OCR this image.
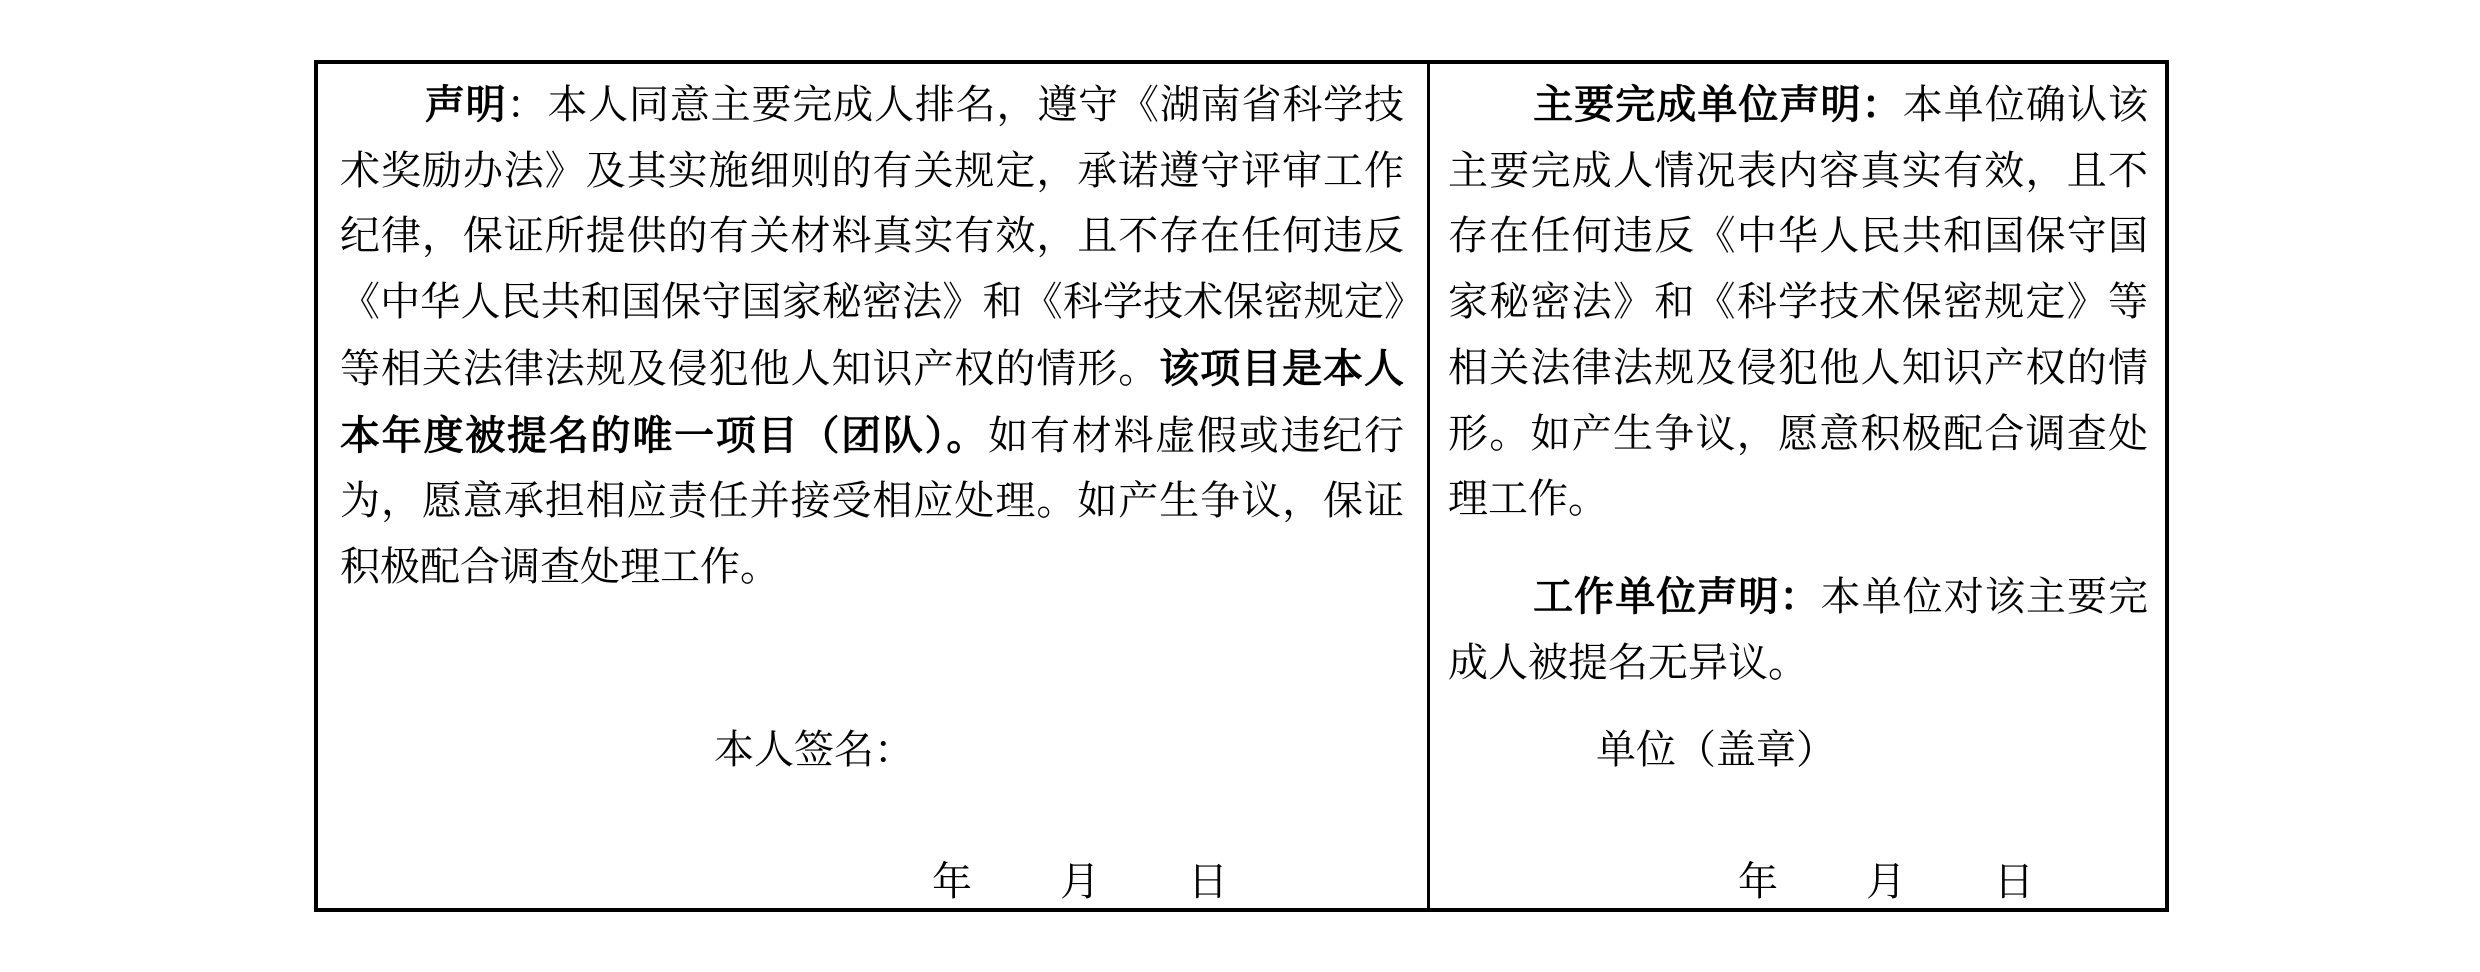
声明：本人同意主要完成人排名，遵守《湖南省科学技术奖励办法》及其实施细则的有关规定，承诺遵守评审工作纪律，保证所提供的有关材料真实有效，且不存在任何违反《中华人民共和国保守国家秘密法》和《科学技术保密规定》等相关法律法规及侵犯他人知识产权的情形。该项目是本人本年度被提名的唯一项目（团队）。如有材料虚假或违纪行为，愿意承担相应责任并接受相应处理。如产生争议，保证积极配合调查处理工作。

本人签名：
年 月 日

主要完成单位声明：本单位确认该主要完成人情况表内容真实有效，且不存在任何违反《中华人民共和国保守国家秘密法》和《科学技术保密规定》等相关法律法规及侵犯他人知识产权的情形。如产生争议，愿意积极配合调查处理工作。

工作单位声明：本单位对该主要完成人被提名无异议。

单位（盖章）
年 月 日
